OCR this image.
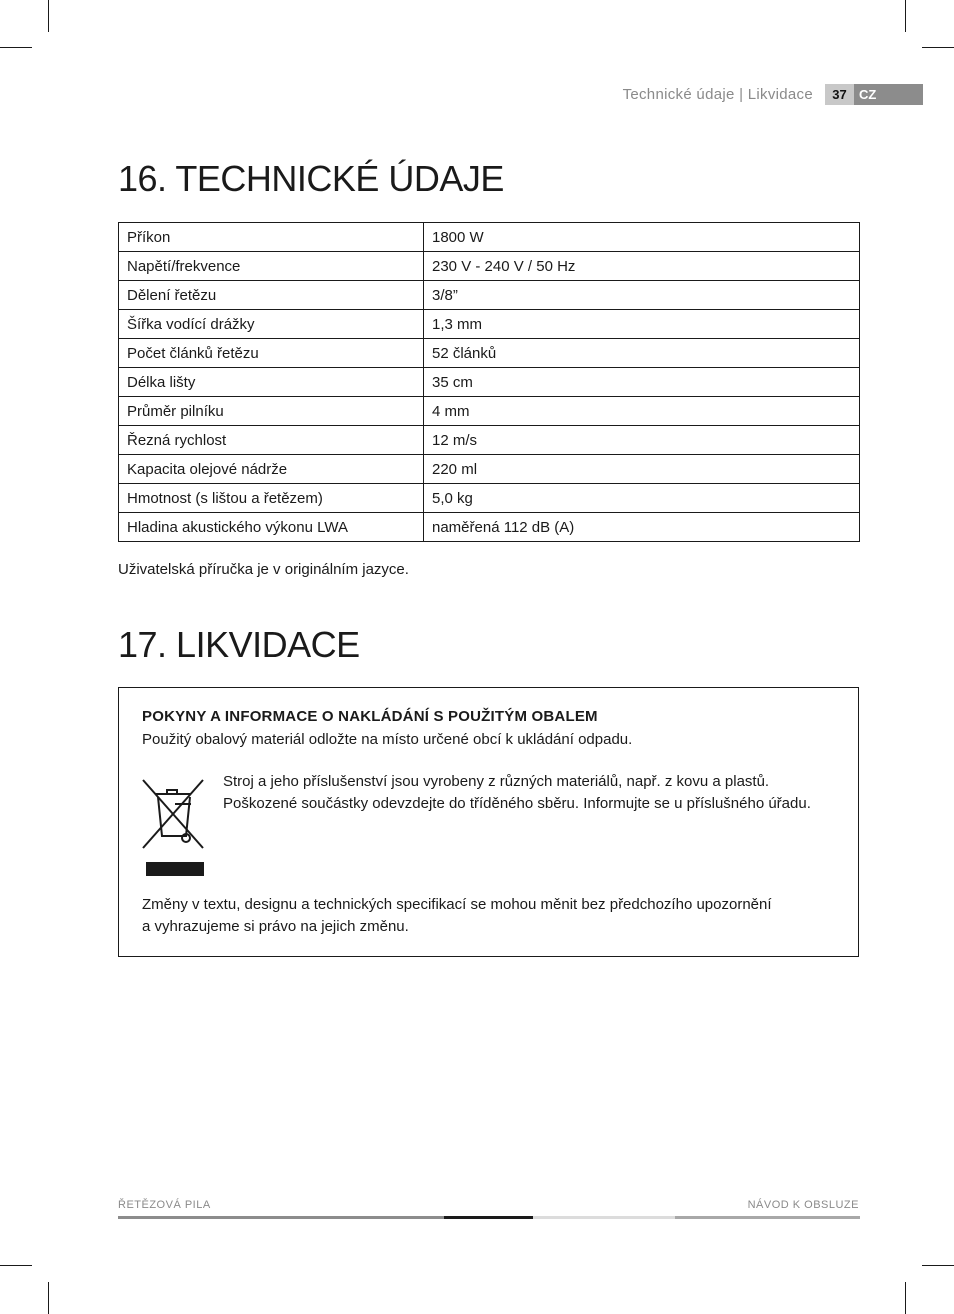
Technické údaje | Likvidace	37 CZ
16. TECHNICKÉ ÚDAJE
Příkon	1800 W
Napětí/frekvence	230 V - 240 V / 50 Hz
Dělení řetězu	3/8”
Šířka vodící drážky	1,3 mm
Počet článků řetězu	52 článků
Délka lišty	35 cm
Průměr pilníku	4 mm
Řezná rychlost	12 m/s
Kapacita olejové nádrže	220 ml
Hmotnost (s lištou a řetězem)	5,0 kg
Hladina akustického výkonu LWA	naměřená 112 dB (A)
Uživatelská příručka je v originálním jazyce.
17. LIKVIDACE
POKYNY A INFORMACE O NAKLÁDÁNÍ S POUŽITÝM OBALEM
Použitý obalový materiál odložte na místo určené obcí k ukládání odpadu.
Stroj a jeho příslušenství jsou vyrobeny z různých materiálů, např. z kovu a plastů.
Poškozené součástky odevzdejte do tříděného sběru. Informujte se u příslušného úřadu.
Změny v textu, designu a technických specifikací se mohou měnit bez předchozího upozornění
a vyhrazujeme si právo na jejich změnu.
ŘETĚZOVÁ PILA	NÁVOD K OBSLUZE
